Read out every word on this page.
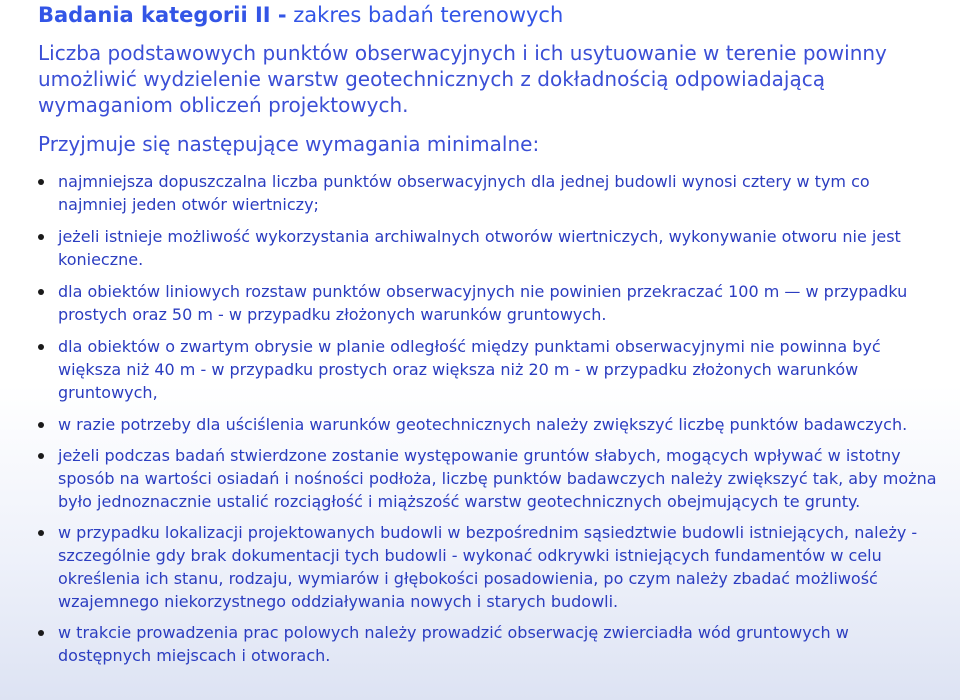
Badania kategorii II - zakres badań terenowych
Liczba podstawowych punktów obserwacyjnych i ich usytuowanie w terenie powinny umożliwić wydzielenie warstw geotechnicznych z dokładnością odpowiadającą wymaganiom obliczeń projektowych.
Przyjmuje się następujące wymagania minimalne:
najmniejsza dopuszczalna liczba punktów obserwacyjnych dla jednej budowli wynosi cztery w tym co najmniej jeden otwór wiertniczy;
jeżeli istnieje możliwość wykorzystania archiwalnych otworów wiertniczych, wykonywanie otworu nie jest konieczne.
dla obiektów liniowych rozstaw punktów obserwacyjnych nie powinien przekraczać 100 m — w przypadku prostych oraz 50 m - w przypadku złożonych warunków gruntowych.
dla obiektów o zwartym obrysie w planie odległość między punktami obserwacyjnymi nie powinna być większa niż 40 m - w przypadku prostych oraz większa niż 20 m - w przypadku złożonych warunków gruntowych,
w razie potrzeby dla uściślenia warunków geotechnicznych należy zwiększyć liczbę punktów badawczych.
jeżeli podczas badań stwierdzone zostanie występowanie gruntów słabych, mogących wpływać w istotny sposób na wartości osiadań i nośności podłoża, liczbę punktów badawczych należy zwiększyć tak, aby można było jednoznacznie ustalić rozciągłość i miąższość warstw geotechnicznych obejmujących te grunty.
w przypadku lokalizacji projektowanych budowli w bezpośrednim sąsiedztwie budowli istniejących, należy - szczególnie gdy brak dokumentacji tych budowli - wykonać odkrywki istniejących fundamentów w celu określenia ich stanu, rodzaju, wymiarów i głębokości posadowienia, po czym należy zbadać możliwość wzajemnego niekorzystnego oddziaływania nowych i starych budowli.
w trakcie prowadzenia prac polowych należy prowadzić obserwację zwierciadła wód gruntowych w dostępnych miejscach i otworach.
